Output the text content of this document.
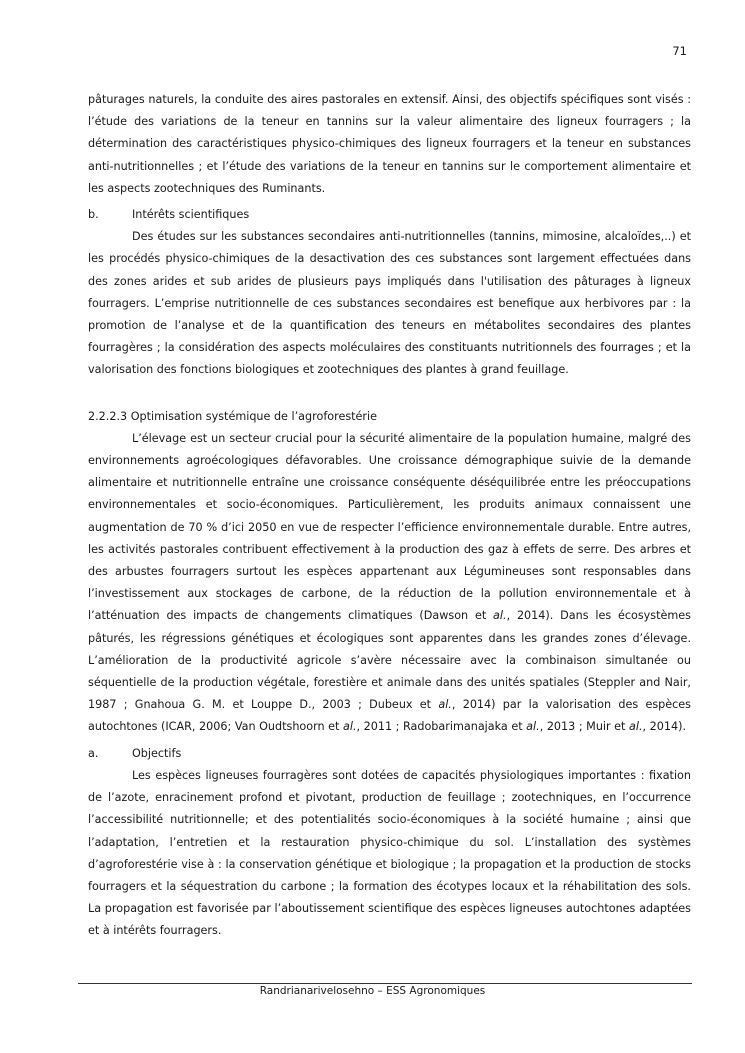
71

pâturages naturels, la conduite des aires pastorales en extensif. Ainsi, des objectifs spécifiques sont visés : l’étude des variations de la teneur en tannins sur la valeur alimentaire des ligneux fourragers ; la détermination des caractéristiques physico-chimiques des ligneux fourragers et la teneur en substances anti-nutritionnelles ; et l’étude des variations de la teneur en tannins sur le comportement alimentaire et les aspects zootechniques des Ruminants.

b.	Intérêts scientifiques

Des études sur les substances secondaires anti-nutritionnelles (tannins, mimosine, alcaloïdes,..) et les procédés physico-chimiques de la desactivation des ces substances sont largement effectuées dans des zones arides et sub arides de plusieurs pays impliqués dans l'utilisation des pâturages à ligneux fourragers. L’emprise nutritionnelle de ces substances secondaires est benefique aux herbivores par : la promotion de l’analyse et de la quantification des teneurs en métabolites secondaires des plantes fourragères ; la considération des aspects moléculaires des constituants nutritionnels des fourrages ; et la valorisation des fonctions biologiques et zootechniques des plantes à grand feuillage.

2.2.2.3 Optimisation systémique de l’agroforestérie

L’élevage est un secteur crucial pour la sécurité alimentaire de la population humaine, malgré des environnements agroécologiques défavorables. Une croissance démographique suivie de la demande alimentaire et nutritionnelle entraîne une croissance conséquente déséquilibrée entre les préoccupations environnementales et socio-économiques. Particulièrement, les produits animaux connaissent une augmentation de 70 % d’ici 2050 en vue de respecter l’efficience environnementale durable. Entre autres, les activités pastorales contribuent effectivement à la production des gaz à effets de serre. Des arbres et des arbustes fourragers surtout les espèces appartenant aux Légumineuses sont responsables dans l’investissement aux stockages de carbone, de la réduction de la pollution environnementale et à l’atténuation des impacts de changements climatiques (Dawson et al., 2014). Dans les écosystèmes pâturés, les régressions génétiques et écologiques sont apparentes dans les grandes zones d’élevage. L’amélioration de la productivité agricole s’avère nécessaire avec la combinaison simultanée ou séquentielle de la production végétale, forestière et animale dans des unités spatiales (Steppler and Nair, 1987 ; Gnahoua G. M. et Louppe D., 2003 ; Dubeux et al., 2014) par la valorisation des espèces autochtones (ICAR, 2006; Van Oudtshoorn et al., 2011 ; Radobarimanajaka et al., 2013 ; Muir et al., 2014).

a.	Objectifs

Les espèces ligneuses fourragères sont dotées de capacités physiologiques importantes : fixation de l’azote, enracinement profond et pivotant, production de feuillage ; zootechniques, en l’occurrence l’accessibilité nutritionnelle; et des potentialités socio-économiques à la société humaine ; ainsi que l’adaptation, l’entretien et la restauration physico-chimique du sol. L’installation des systèmes d’agroforestérie vise à : la conservation génétique et biologique ; la propagation et la production de stocks fourragers et la séquestration du carbone ; la formation des écotypes locaux et la réhabilitation des sols. La propagation est favorisée par l’aboutissement scientifique des espèces ligneuses autochtones adaptées et à intérêts fourragers.

Randrianarivelosehno – ESS Agronomiques
